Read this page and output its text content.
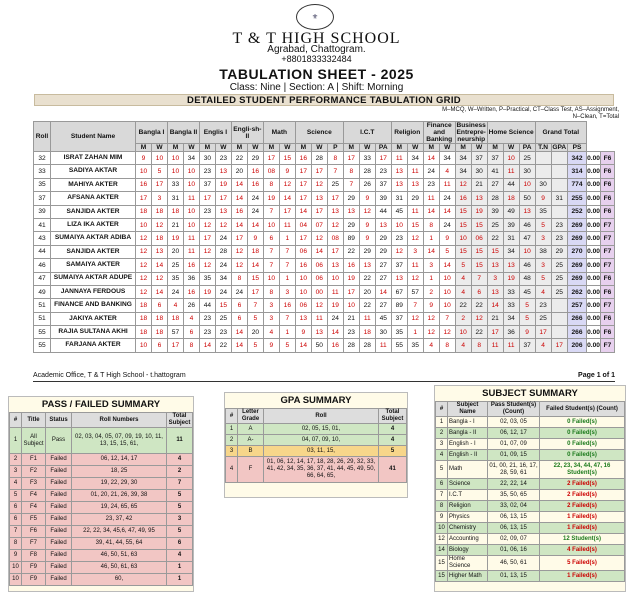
⚜
T & T HIGH SCHOOL
Agrabad, Chattogram.
+8801833332484
TABULATION SHEET - 2025
Class: Nine | Section: A | Shift: Morning
DETAILED STUDENT PERFORMANCE TABULATION GRID
M–MCQ, W–Written, P–Practical, CT–Class Test, AS–Assignment,
N–Clean, T=Total
Roll	Student Name	Bangla I		Bangla II		Englis I		Engli-sh- II		Math		Science			I.C.T			Religion		Finance and Banking		Business Entrepre-neurship		Home Science			Grand Total				
		M	W	M	W	M	W	M	W	M	W	M	W	P	M	W	PA	M	W	M	W	M	W	M	W	PA	T.N	GPA	PS		
32	ISRAT ZAHAN MIM	9	10	10	34	30	23	22	29	17	15	16	28	8	17	33	17	11	34	14	34	34	37	37	10	25			342	0.00	F6
33	SADIYA AKTAR	10	5	10	10	23	13	20	16	08	9	17	17	7	8	28	23	13	11	24	4	34	30	41	11	30			314	0.00	F6
35	MAHIYA AKTER	16	17	33	10	37	19	14	16	8	12	17	12	25	7	26	37	13	13	23	11	12	21	27	44	10	30		774	0.00	F6
37	AFSANA AKTER	17	3	31	11	17	17	14	24	19	14	17	13	17	29	9	39	31	29	11	24	16	13	28	18	50	9	31	255	0.00	F6
39	SANJIDA AKTER	18	18	18	10	23	13	16	24	7	17	14	17	13	13	12	44	45	11	14	14	15	19	39	49	13	35		252	0.00	F6
41	LIZA IKA AKTER	10	12	21	10	12	12	14	14	10	11	04	07	12	29	9	13	10	15	8	24	15	15	25	39	46	5	23	269	0.00	F7
43	SUMAIYA AKTAR ADIBA	12	18	19	11	17	24	17	9	6	1	17	12	08	89	9	29	23	12	1	9	10	06	22	31	47	3	23	269	0.00	F7
44	SANJIDA AKTER	12	13	20	11	12	28	12	18	7	7	06	14	17	22	29	29	12	3	14	5	15	15	15	34	10	38	29	270	0.00	F7
46	SAMAIYA AKTER	12	14	25	16	12	24	12	14	7	7	16	06	13	16	13	27	37	11	3	14	5	15	13	13	46	3	25	269	0.00	F7
47	SUMAIYA AKTAR ADUPE	12	12	35	36	35	34	8	15	10	1	10	06	10	19	22	27	13	12	1	10	4	7	3	19	48	5	25	269	0.00	F6
49	JANNAYA FERDOUS	12	14	24	16	19	24	24	17	8	3	10	00	11	17	20	14	67	57	2	10	4	6	13	33	45	4	25	262	0.00	F6
51	FINANCE AND BANKING	18	6	4	26	44	15	6	7	3	16	06	12	19	10	22	27	89	7	9	10	22	22	14	33	5	23		257	0.00	F7
51	JAKIYA AKTER	18	18	18	4	23	25	6	5	3	7	13	11	24	21	11	45	37	12	12	7	2	12	21	34	5	25		266	0.00	F6
55	RAJIA SULTANA AKHI	18	18	57	6	23	23	14	20	4	1	9	13	14	23	18	30	35	1	12	12	10	22	17	36	9	17		266	0.00	F6
55	FARJANA AKTER	10	6	17	8	14	22	14	5	9	5	14	50	16	28	28	11	55	35	4	8	4	8	11	11	37	4	17	206	0.00	F7
Academic Office, T & T High School - t.hattogram	Page 1 of 1
PASS / FAILED SUMMARY
#	Title	Status	Roll Numbers	Total Subject
1	All Subject	Pass	02, 03, 04, 05, 07, 09, 19, 10, 11, 13, 15, 15, 61,	11
2	F1	Failed	06, 12, 14, 17	4
3	F2	Failed	18, 25	2
4	F3	Failed	19, 22, 29, 30	7
5	F4	Failed	01, 20, 21, 26, 39, 38	5
6	F4	Failed	19, 24, 65, 65	5
6	F5	Failed	23, 37, 42	3
7	F6	Failed	22, 22, 34, 45,6, 47, 49, 95	5
8	F7	Failed	39, 41, 44, 55, 64	6
9	F8	Failed	46, 50, 51, 63	4
10	F9	Failed	46, 50, 61, 63	1
10	F9	Failed	60,	1
GPA SUMMARY
#	Letter Grade	Roll	Total Subject
1	A	02, 05, 15, 01,	4
2	A-	04, 07, 09, 10,	4
3	B	03, 11, 15,	5
4	F	01, 06, 12, 14, 17, 18, 28, 26, 29, 32, 33, 41, 42, 34, 35, 36, 37, 41, 44, 45, 49, 50, 66, 64, 65,	41
SUBJECT SUMMARY
#	Subject Name	Pass Student(s) (Count)	Failed Student(s) (Count)
1	Bangla - I	02, 03, 05	0 Failed(s)
2	Bangla - II	06, 12, 17	0 Failed(s)
3	English - I	01, 07, 09	0 Failed(s)
4	English - II	01, 09, 15	0 Failed(s)
5	Math	01, 00, 21, 16, 17, 28, 59, 61	22, 23, 34, 44, 47, 16 Student(s)
6	Science	22, 22, 14	2 Failed(s)
7	I.C.T	35, 50, 65	2 Failed(s)
8	Religion	33, 02, 04	2 Failed(s)
9	Physics	06, 13, 15	1 Failed(s)
10	Chemistry	06, 13, 15	1 Failed(s)
12	Accounting	02, 09, 07	12 Student(s)
14	Biology	01, 06, 16	4 Failed(s)
15	Home Science	46, 50, 61	5 Failed(s)
15	Higher Math	01, 13, 15	1 Failed(s)
